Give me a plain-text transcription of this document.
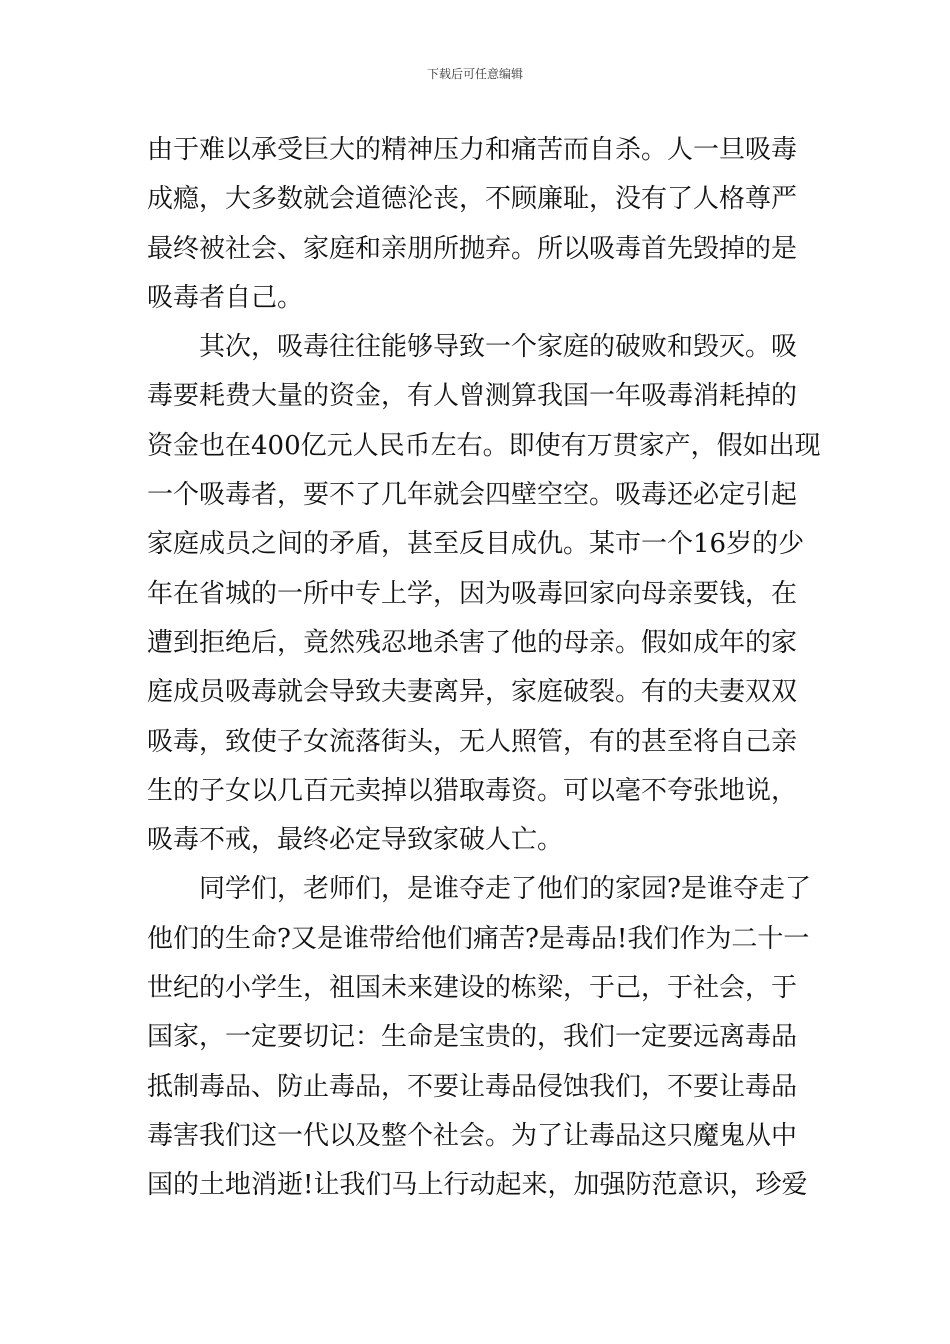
下载后可任意编辑
由于难以承受巨大的精神压力和痛苦而自杀。人一旦吸毒
成瘾，大多数就会道德沦丧，不顾廉耻，没有了人格尊严
最终被社会、家庭和亲朋所抛弃。所以吸毒首先毁掉的是
吸毒者自己。
　　其次，吸毒往往能够导致一个家庭的破败和毁灭。吸
毒要耗费大量的资金，有人曾测算我国一年吸毒消耗掉的
资金也在400亿元人民币左右。即使有万贯家产，假如出现
一个吸毒者，要不了几年就会四壁空空。吸毒还必定引起
家庭成员之间的矛盾，甚至反目成仇。某市一个16岁的少
年在省城的一所中专上学，因为吸毒回家向母亲要钱，在
遭到拒绝后，竟然残忍地杀害了他的母亲。假如成年的家
庭成员吸毒就会导致夫妻离异，家庭破裂。有的夫妻双双
吸毒，致使子女流落街头，无人照管，有的甚至将自己亲
生的子女以几百元卖掉以猎取毒资。可以毫不夸张地说，
吸毒不戒，最终必定导致家破人亡。
　　同学们，老师们，是谁夺走了他们的家园?是谁夺走了
他们的生命?又是谁带给他们痛苦?是毒品!我们作为二十一
世纪的小学生，祖国未来建设的栋梁，于己，于社会，于
国家，一定要切记：生命是宝贵的，我们一定要远离毒品
抵制毒品、防止毒品，不要让毒品侵蚀我们，不要让毒品
毒害我们这一代以及整个社会。为了让毒品这只魔鬼从中
国的土地消逝!让我们马上行动起来，加强防范意识，珍爱
